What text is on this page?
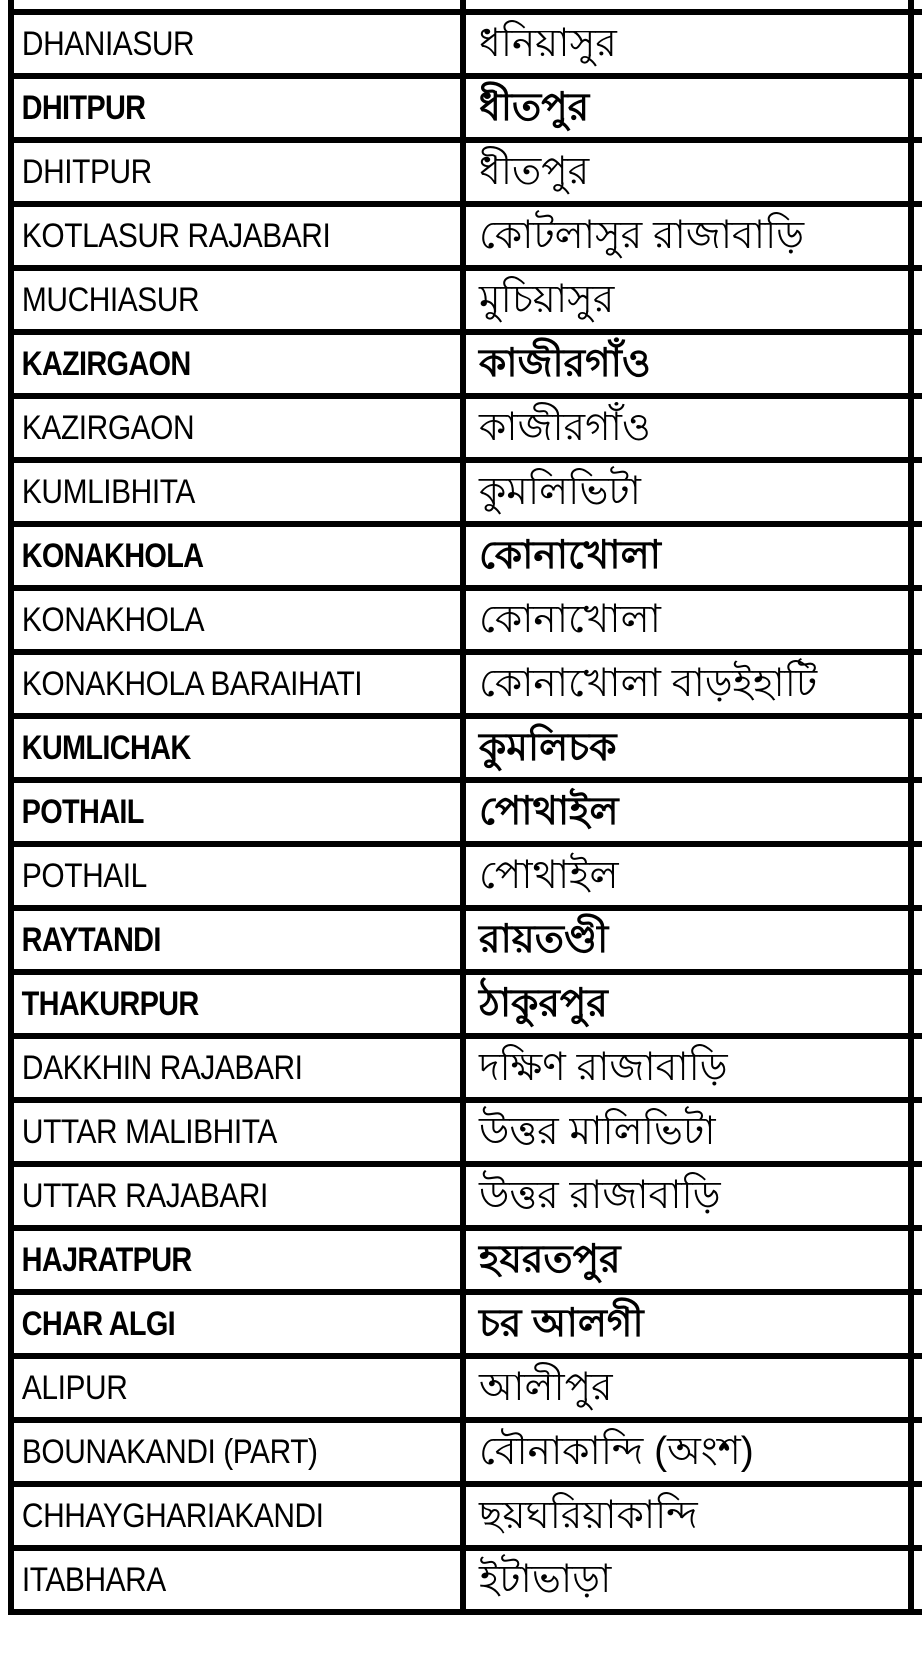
DHANIASUR	ধনিয়াসুর	
DHITPUR	ধীতপুর	
DHITPUR	ধীতপুর	
KOTLASUR RAJABARI	কোটলাসুর রাজাবাড়ি	
MUCHIASUR	মুচিয়াসুর	
KAZIRGAON	কাজীরগাঁও	
KAZIRGAON	কাজীরগাঁও	
KUMLIBHITA	কুমলিভিটা	
KONAKHOLA	কোনাখোলা	
KONAKHOLA	কোনাখোলা	
KONAKHOLA BARAIHATI	কোনাখোলা বাড়ইহাটি	
KUMLICHAK	কুমলিচক	
POTHAIL	পোথাইল	
POTHAIL	পোথাইল	
RAYTANDI	রায়তণ্ডী	
THAKURPUR	ঠাকুরপুর	
DAKKHIN RAJABARI	দক্ষিণ রাজাবাড়ি	
UTTAR MALIBHITA	উত্তর মালিভিটা	
UTTAR RAJABARI	উত্তর রাজাবাড়ি	
HAJRATPUR	হযরতপুর	
CHAR ALGI	চর আলগী	
ALIPUR	আলীপুর	
BOUNAKANDI (PART)	বৌনাকান্দি (অংশ)	
CHHAYGHARIAKANDI	ছয়ঘরিয়াকান্দি	
ITABHARA	ইটাভাড়া	
